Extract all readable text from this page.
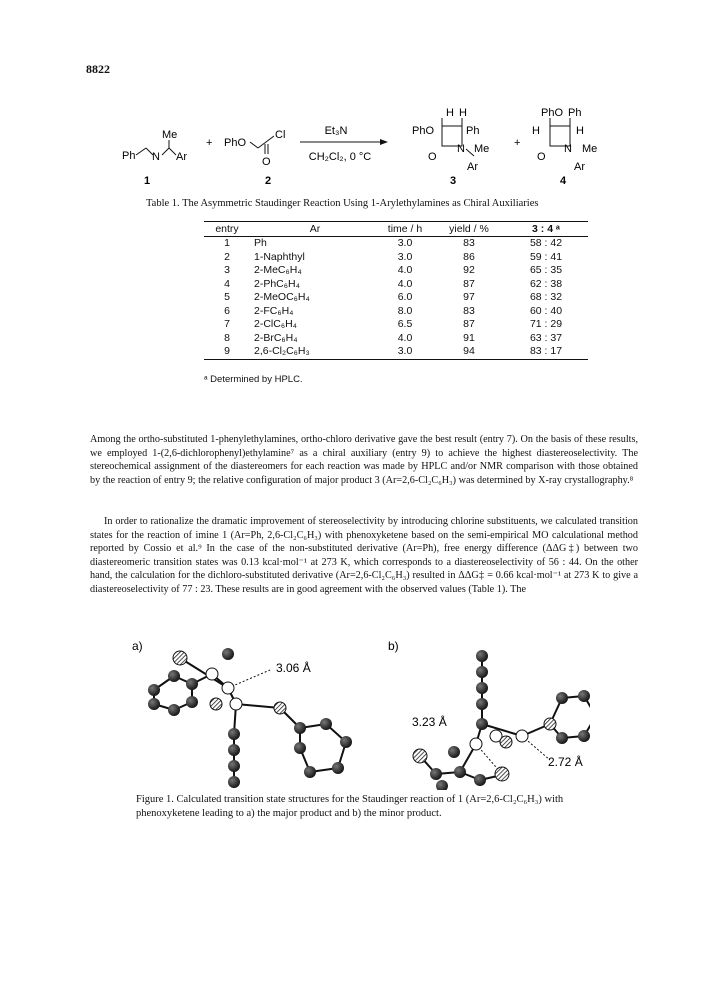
8822
Ph N
Me
Ar
1
+ PhO
Cl
O
2
Et₃N
CH₂Cl₂, 0 °C
H H
PhO	Ph
O
N Me
Ar
3
+
PhO Ph
H	H
O
N Me
Ar
4
Table 1. The Asymmetric Staudinger Reaction Using 1-Arylethylamines as Chiral Auxiliaries
entry	Ar	time / h	yield / %	3 : 4 ᵃ
1	Ph	3.0	83	58 : 42
2	1-Naphthyl	3.0	86	59 : 41
3	2-MeC₆H₄	4.0	92	65 : 35
4	2-PhC₆H₄	4.0	87	62 : 38
5	2-MeOC₆H₄	6.0	97	68 : 32
6	2-FC₆H₄	8.0	83	60 : 40
7	2-ClC₆H₄	6.5	87	71 : 29
8	2-BrC₆H₄	4.0	91	63 : 37
9	2,6-Cl₂C₆H₃	3.0	94	83 : 17
ᵃ Determined by HPLC.
Among the ortho-substituted 1-phenylethylamines, ortho-chloro derivative gave the best result (entry 7). On the basis of these results, we employed 1-(2,6-dichlorophenyl)ethylamine⁷ as a chiral auxiliary (entry 9) to achieve the highest diastereoselectivity. The stereochemical assignment of the diastereomers for each reaction was made by HPLC and/or NMR comparison with those obtained by the reaction of entry 9; the relative configuration of major product 3 (Ar=2,6-Cl₂C₆H₃) was determined by X-ray crystallography.⁸
In order to rationalize the dramatic improvement of stereoselectivity by introducing chlorine substituents, we calculated transition states for the reaction of imine 1 (Ar=Ph, 2,6-Cl₂C₆H₃) with phenoxyketene based on the semi-empirical MO calculational method reported by Cossio et al.⁹ In the case of the non-substituted derivative (Ar=Ph), free energy difference (ΔΔG‡) between two diastereomeric transition states was 0.13 kcal·mol⁻¹ at 273 K, which corresponds to a diastereoselectivity of 56 : 44. On the other hand, the calculation for the dichloro-substituted derivative (Ar=2,6-Cl₂C₆H₃) resulted in ΔΔG‡ = 0.66 kcal·mol⁻¹ at 273 K to give a diastereoselectivity of 77 : 23. These results are in good agreement with the observed values (Table 1). The
a)	b)
3.06 Å
3.23 Å
2.72 Å
Figure 1. Calculated transition state structures for the Staudinger reaction of 1 (Ar=2,6-Cl₂C₆H₃) with phenoxyketene leading to a) the major product and b) the minor product.
